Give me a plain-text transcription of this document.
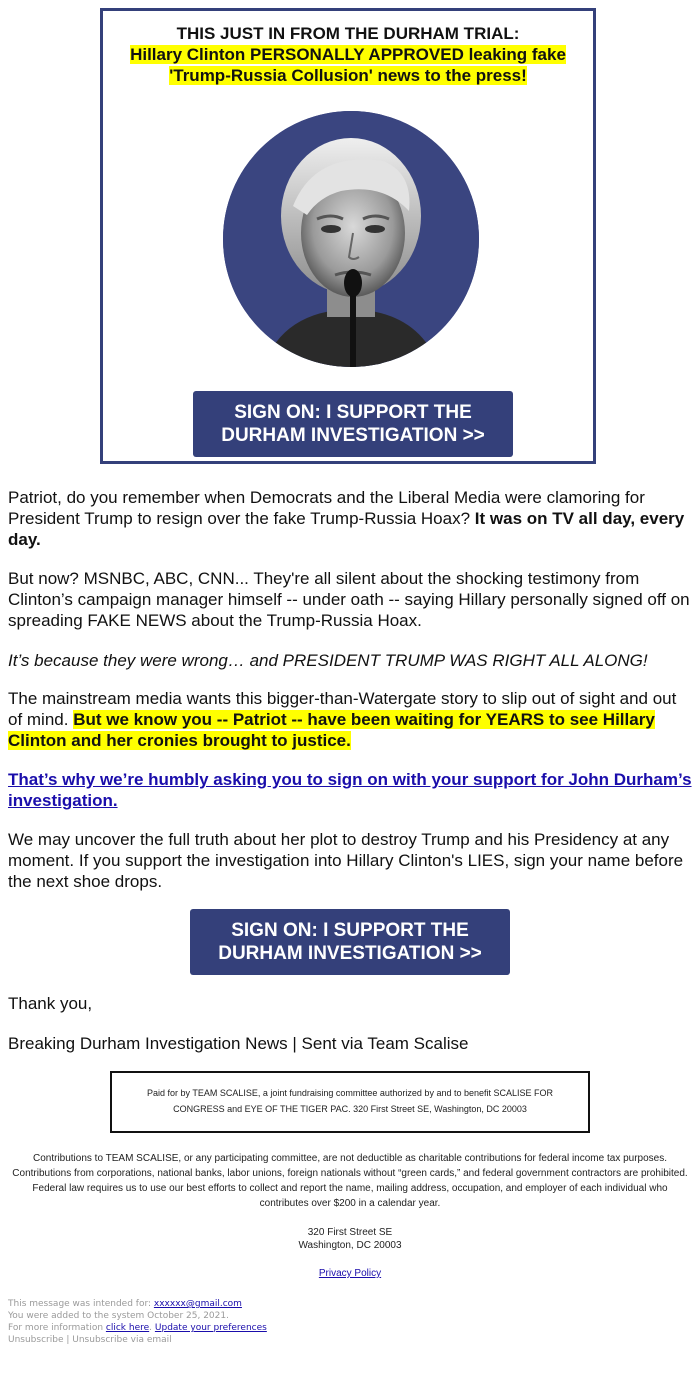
THIS JUST IN FROM THE DURHAM TRIAL:
Hillary Clinton PERSONALLY APPROVED leaking fake
'Trump-Russia Collusion' news to the press!
SIGN ON: I SUPPORT THE
DURHAM INVESTIGATION >>

Patriot, do you remember when Democrats and the Liberal Media were clamoring for President Trump to resign over the fake Trump-Russia Hoax? It was on TV all day, every day.

But now? MSNBC, ABC, CNN... They're all silent about the shocking testimony from Clinton’s campaign manager himself -- under oath -- saying Hillary personally signed off on spreading FAKE NEWS about the Trump-Russia Hoax.

It’s because they were wrong… and PRESIDENT TRUMP WAS RIGHT ALL ALONG!

The mainstream media wants this bigger-than-Watergate story to slip out of sight and out of mind. But we know you -- Patriot -- have been waiting for YEARS to see Hillary Clinton and her cronies brought to justice.

That’s why we’re humbly asking you to sign on with your support for John Durham’s investigation.

We may uncover the full truth about her plot to destroy Trump and his Presidency at any moment. If you support the investigation into Hillary Clinton's LIES, sign your name before the next shoe drops.

SIGN ON: I SUPPORT THE
DURHAM INVESTIGATION >>

Thank you,

Breaking Durham Investigation News | Sent via Team Scalise

Paid for by TEAM SCALISE, a joint fundraising committee authorized by and to benefit SCALISE FOR CONGRESS and EYE OF THE TIGER PAC. 320 First Street SE, Washington, DC 20003
Contributions to TEAM SCALISE, or any participating committee, are not deductible as charitable contributions for federal income tax purposes. Contributions from corporations, national banks, labor unions, foreign nationals without “green cards,” and federal government contractors are prohibited. Federal law requires us to use our best efforts to collect and report the name, mailing address, occupation, and employer of each individual who contributes over $200 in a calendar year.
320 First Street SE
Washington, DC 20003
Privacy Policy
This message was intended for: xxxxxx@gmail.com
You were added to the system October 25, 2021.
For more information click here. Update your preferences
Unsubscribe | Unsubscribe via email
